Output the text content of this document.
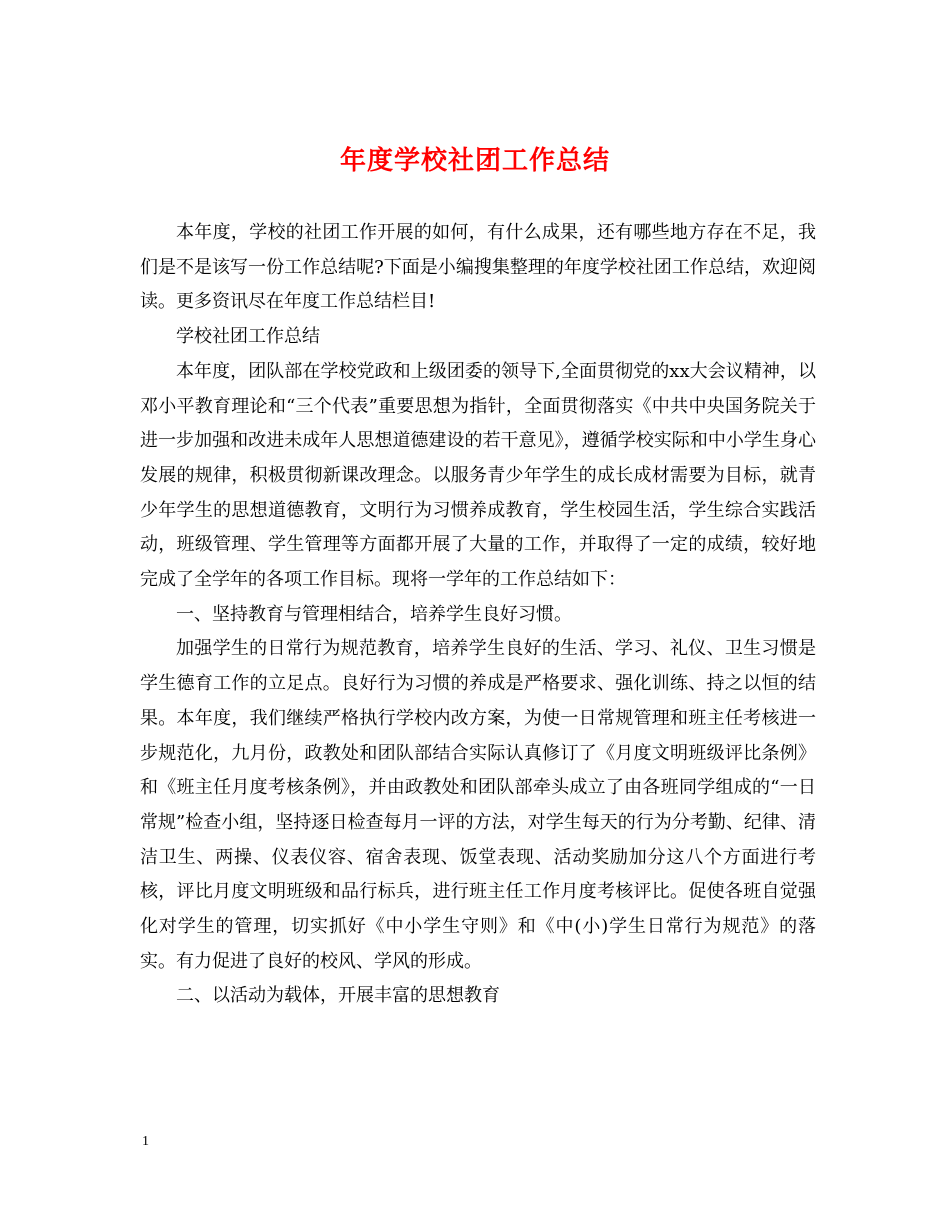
年度学校社团工作总结

本年度，学校的社团工作开展的如何，有什么成果，还有哪些地方存在不足，我们是不是该写一份工作总结呢?下面是小编搜集整理的年度学校社团工作总结，欢迎阅读。更多资讯尽在年度工作总结栏目!

学校社团工作总结

本年度，团队部在学校党政和上级团委的领导下,全面贯彻党的xx大会议精神，以邓小平教育理论和“三个代表”重要思想为指针，全面贯彻落实《中共中央国务院关于进一步加强和改进未成年人思想道德建设的若干意见》，遵循学校实际和中小学生身心发展的规律，积极贯彻新课改理念。以服务青少年学生的成长成材需要为目标，就青少年学生的思想道德教育，文明行为习惯养成教育，学生校园生活，学生综合实践活动，班级管理、学生管理等方面都开展了大量的工作，并取得了一定的成绩，较好地完成了全学年的各项工作目标。现将一学年的工作总结如下：

一、坚持教育与管理相结合，培养学生良好习惯。

加强学生的日常行为规范教育，培养学生良好的生活、学习、礼仪、卫生习惯是学生德育工作的立足点。良好行为习惯的养成是严格要求、强化训练、持之以恒的结果。本年度，我们继续严格执行学校内改方案，为使一日常规管理和班主任考核进一步规范化，九月份，政教处和团队部结合实际认真修订了《月度文明班级评比条例》和《班主任月度考核条例》，并由政教处和团队部牵头成立了由各班同学组成的“一日常规”检查小组，坚持逐日检查每月一评的方法，对学生每天的行为分考勤、纪律、清洁卫生、两操、仪表仪容、宿舍表现、饭堂表现、活动奖励加分这八个方面进行考核，评比月度文明班级和品行标兵，进行班主任工作月度考核评比。促使各班自觉强化对学生的管理，切实抓好《中小学生守则》和《中(小)学生日常行为规范》的落实。有力促进了良好的校风、学风的形成。

二、以活动为载体，开展丰富的思想教育

1
